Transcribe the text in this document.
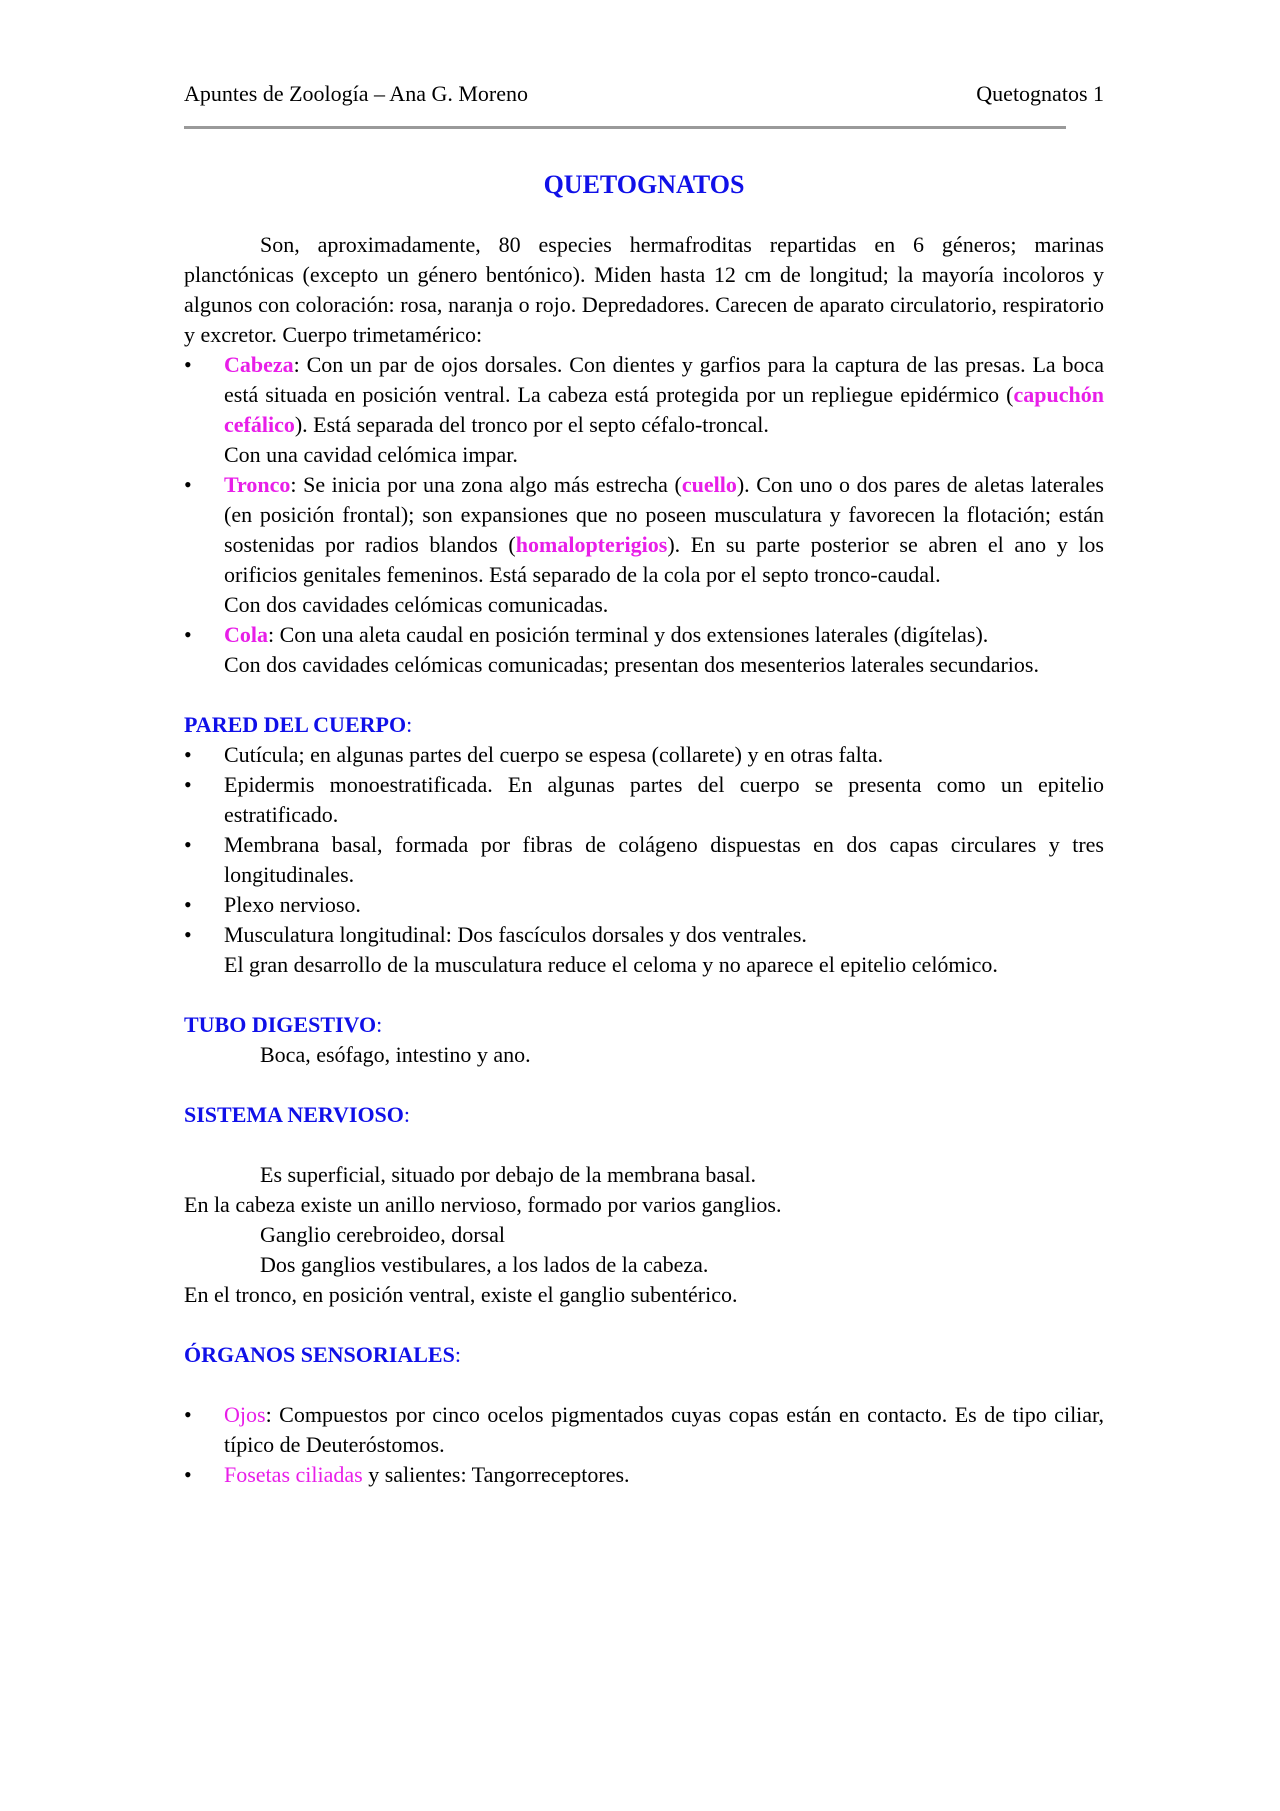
Apuntes de Zoología – Ana G. Moreno	Quetognatos 1
QUETOGNATOS

Son, aproximadamente, 80 especies hermafroditas repartidas en 6 géneros; marinas planctónicas (excepto un género bentónico). Miden hasta 12 cm de longitud; la mayoría incoloros y algunos con coloración: rosa, naranja o rojo. Depredadores. Carecen de aparato circulatorio, respiratorio y excretor. Cuerpo trimetamérico:

• Cabeza: Con un par de ojos dorsales. Con dientes y garfios para la captura de las presas. La boca está situada en posición ventral. La cabeza está protegida por un repliegue epidérmico (capuchón cefálico). Está separada del tronco por el septo céfalo-troncal.
Con una cavidad celómica impar.
• Tronco: Se inicia por una zona algo más estrecha (cuello). Con uno o dos pares de aletas laterales (en posición frontal); son expansiones que no poseen musculatura y favorecen la flotación; están sostenidas por radios blandos (homalopterigios). En su parte posterior se abren el ano y los orificios genitales femeninos. Está separado de la cola por el septo tronco-caudal.
Con dos cavidades celómicas comunicadas.
• Cola: Con una aleta caudal en posición terminal y dos extensiones laterales (digítelas).
Con dos cavidades celómicas comunicadas; presentan dos mesenterios laterales secundarios.
PARED DEL CUERPO:
• Cutícula; en algunas partes del cuerpo se espesa (collarete) y en otras falta.
• Epidermis monoestratificada. En algunas partes del cuerpo se presenta como un epitelio estratificado.
• Membrana basal, formada por fibras de colágeno dispuestas en dos capas circulares y tres longitudinales.
• Plexo nervioso.
• Musculatura longitudinal: Dos fascículos dorsales y dos ventrales.
El gran desarrollo de la musculatura reduce el celoma y no aparece el epitelio celómico.
TUBO DIGESTIVO:

Boca, esófago, intestino y ano.

SISTEMA NERVIOSO:

Es superficial, situado por debajo de la membrana basal.

En la cabeza existe un anillo nervioso, formado por varios ganglios.

Ganglio cerebroideo, dorsal

Dos ganglios vestibulares, a los lados de la cabeza.

En el tronco, en posición ventral, existe el ganglio subentérico.

ÓRGANOS SENSORIALES:
• Ojos: Compuestos por cinco ocelos pigmentados cuyas copas están en contacto. Es de tipo ciliar, típico de Deuteróstomos.
• Fosetas ciliadas y salientes: Tangorreceptores.
